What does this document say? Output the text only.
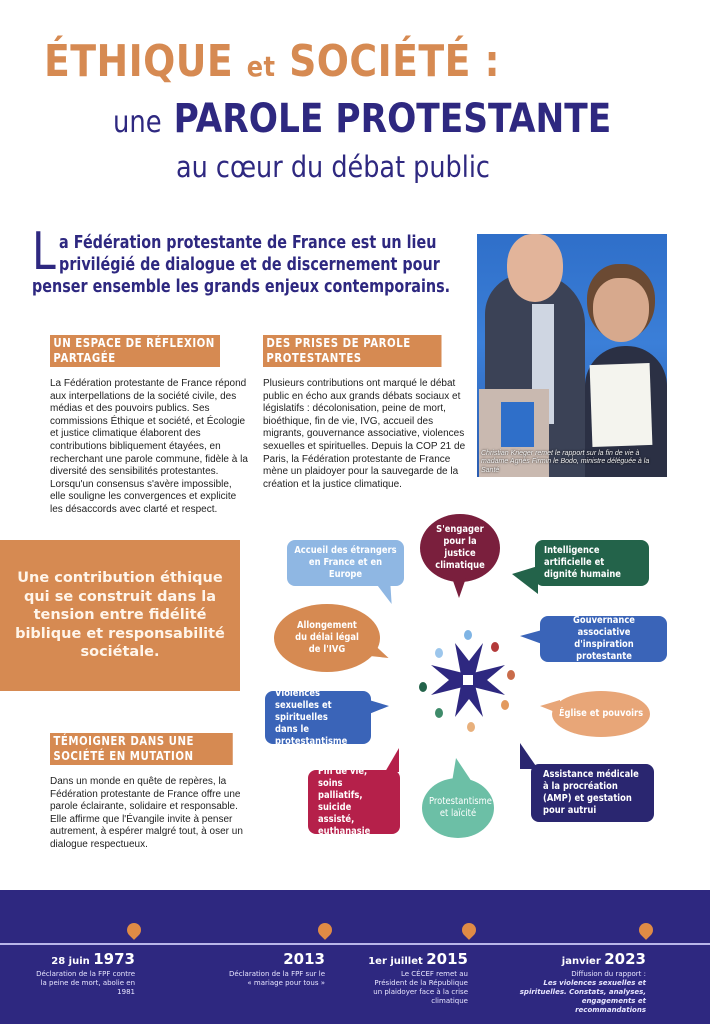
ÉTHIQUE et SOCIÉTÉ :
une PAROLE PROTESTANTE
au cœur du débat public
L a Fédération protestante de France est un lieu privilégié de dialogue et de discernement pour penser ensemble les grands enjeux contemporains.
Christian Krieger remet le rapport sur la fin de vie à madame Agnès Firmin le Bodo, ministre déléguée à la Santé
UN ESPACE DE RÉFLEXION PARTAGÉE
La Fédération protestante de France répond aux interpellations de la société civile, des médias et des pouvoirs publics. Ses commissions Éthique et société, et Écologie et justice climatique élaborent des contributions bibliquement étayées, en recherchant une parole commune, fidèle à la diversité des sensibilités protestantes. Lorsqu'un consensus s'avère impossible, elle souligne les convergences et explicite les désaccords avec clarté et respect.
DES PRISES DE PAROLE PROTESTANTES
Plusieurs contributions ont marqué le débat public en écho aux grands débats sociaux et législatifs : décolonisation, peine de mort, bioéthique, fin de vie, IVG, accueil des migrants, gouvernance associative, violences sexuelles et spirituelles. Depuis la COP 21 de Paris, la Fédération protestante de France mène un plaidoyer pour la sauvegarde de la création et la justice climatique.
Une contribution éthique qui se construit dans la tension entre fidélité biblique et responsabilité sociétale.
TÉMOIGNER DANS UNE SOCIÉTÉ EN MUTATION
Dans un monde en quête de repères, la Fédération protestante de France offre une parole éclairante, solidaire et responsable. Elle affirme que l'Évangile invite à penser autrement, à espérer malgré tout, à oser un dialogue respectueux.
Accueil des étrangers en France et en Europe
S'engager pour la justice climatique
Intelligence artificielle et dignité humaine
Allongement du délai légal de l'IVG
Gouvernance associative d'inspiration protestante
Violences sexuelles et spirituelles dans le protestantisme
Église et pouvoirs
Fin de vie, soins palliatifs, suicide assisté, euthanasie
Protestantisme et laïcité
Assistance médicale à la procréation (AMP) et gestation pour autrui
28 juin 1973
Déclaration de la FPF contre la peine de mort, abolie en 1981
2013
Déclaration de la FPF sur le « mariage pour tous »
1er juillet 2015
Le CÉCEF remet au Président de la République un plaidoyer face à la crise climatique
janvier 2023
Diffusion du rapport :
Les violences sexuelles et spirituelles. Constats, analyses, engagements et recommandations
